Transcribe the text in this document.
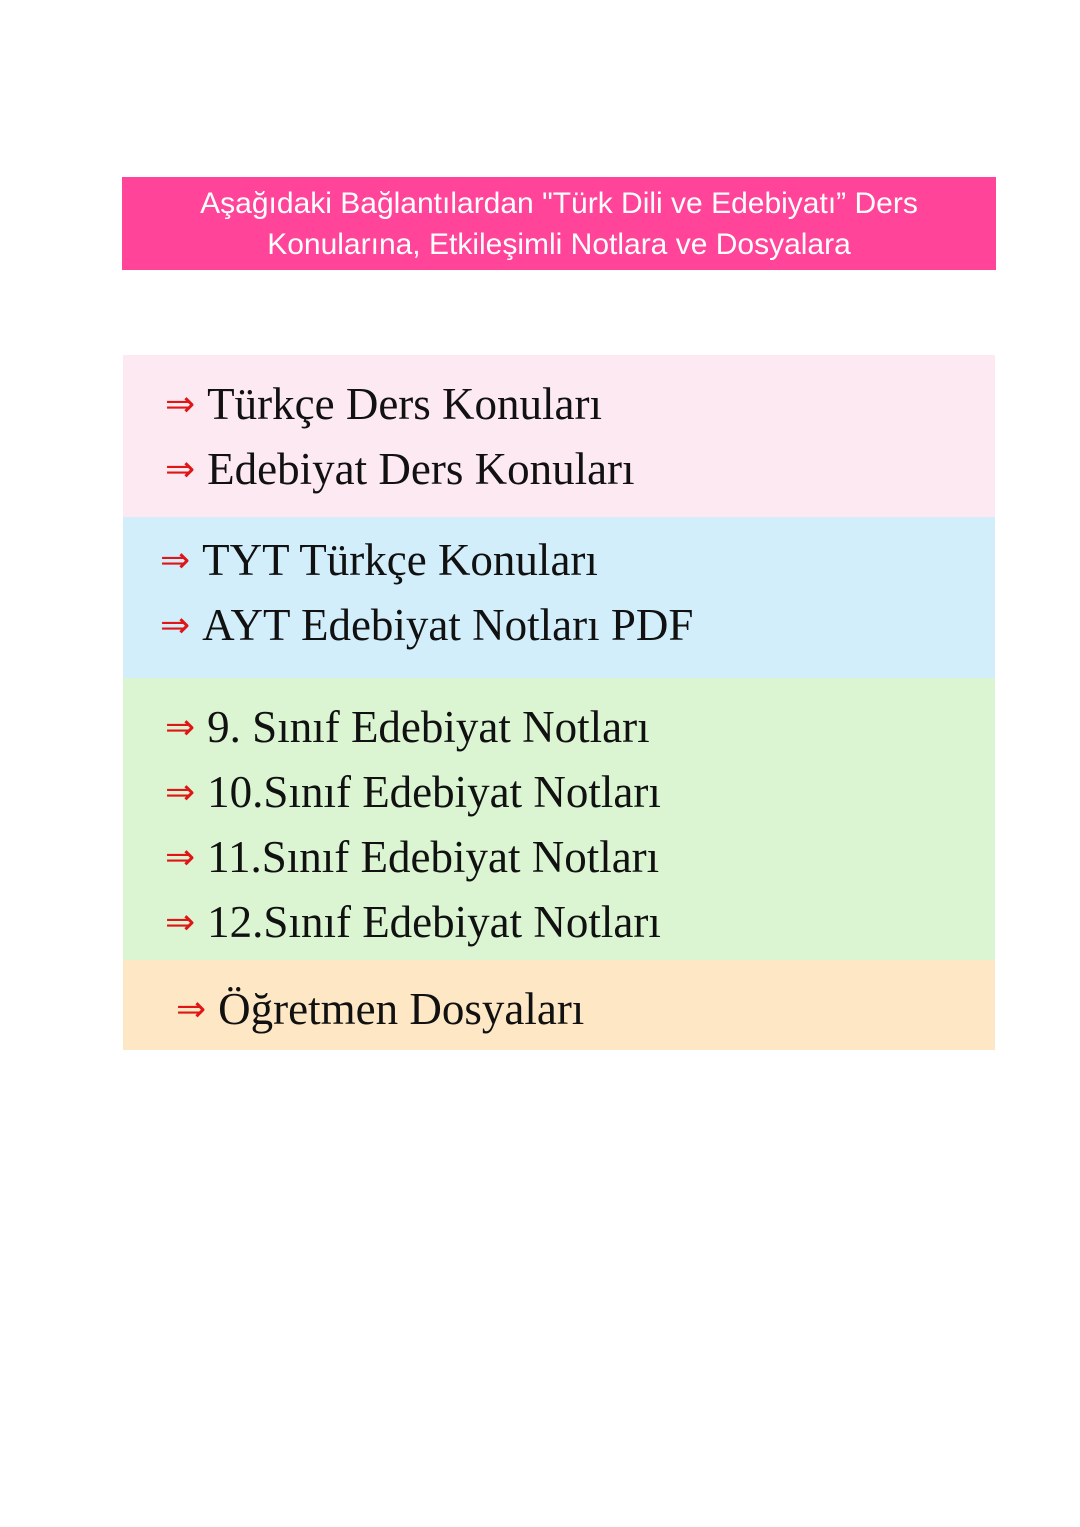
Aşağıdaki Bağlantılardan "Türk Dili ve Edebiyatı” Ders
Konularına, Etkileşimli Notlara ve Dosyalara
⇒ Türkçe Ders Konuları
⇒ Edebiyat Ders Konuları
⇒ TYT Türkçe Konuları
⇒ AYT Edebiyat Notları PDF
⇒ 9. Sınıf Edebiyat Notları
⇒ 10.Sınıf Edebiyat Notları
⇒ 11.Sınıf Edebiyat Notları
⇒ 12.Sınıf Edebiyat Notları
⇒ Öğretmen Dosyaları
